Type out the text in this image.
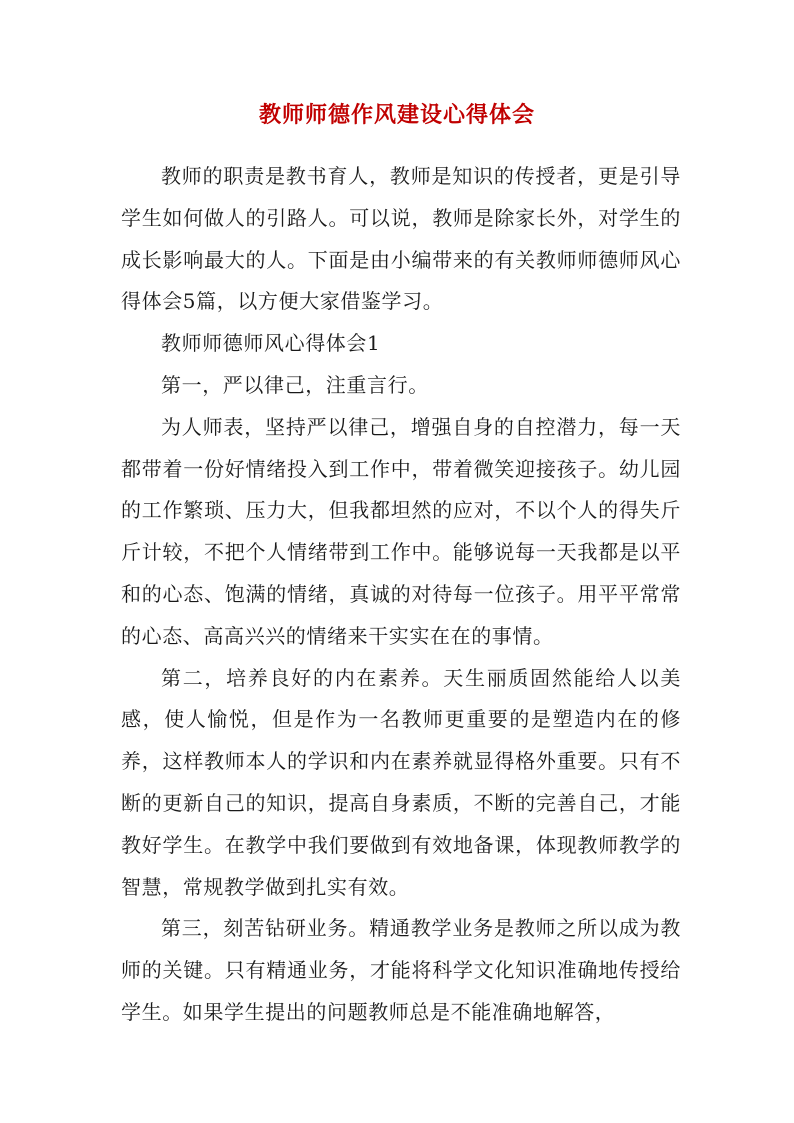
教师师德作风建设心得体会

教师的职责是教书育人，教师是知识的传授者，更是引导学生如何做人的引路人。可以说，教师是除家长外，对学生的成长影响最大的人。下面是由小编带来的有关教师师德师风心得体会5篇，以方便大家借鉴学习。

教师师德师风心得体会1

第一，严以律己，注重言行。

为人师表，坚持严以律己，增强自身的自控潜力，每一天都带着一份好情绪投入到工作中，带着微笑迎接孩子。幼儿园的工作繁琐、压力大，但我都坦然的应对，不以个人的得失斤斤计较，不把个人情绪带到工作中。能够说每一天我都是以平和的心态、饱满的情绪，真诚的对待每一位孩子。用平平常常的心态、高高兴兴的情绪来干实实在在的事情。

第二，培养良好的内在素养。天生丽质固然能给人以美感，使人愉悦，但是作为一名教师更重要的是塑造内在的修养，这样教师本人的学识和内在素养就显得格外重要。只有不断的更新自己的知识，提高自身素质，不断的完善自己，才能教好学生。在教学中我们要做到有效地备课，体现教师教学的智慧，常规教学做到扎实有效。

第三，刻苦钻研业务。精通教学业务是教师之所以成为教师的关键。只有精通业务，才能将科学文化知识准确地传授给学生。如果学生提出的问题教师总是不能准确地解答，
